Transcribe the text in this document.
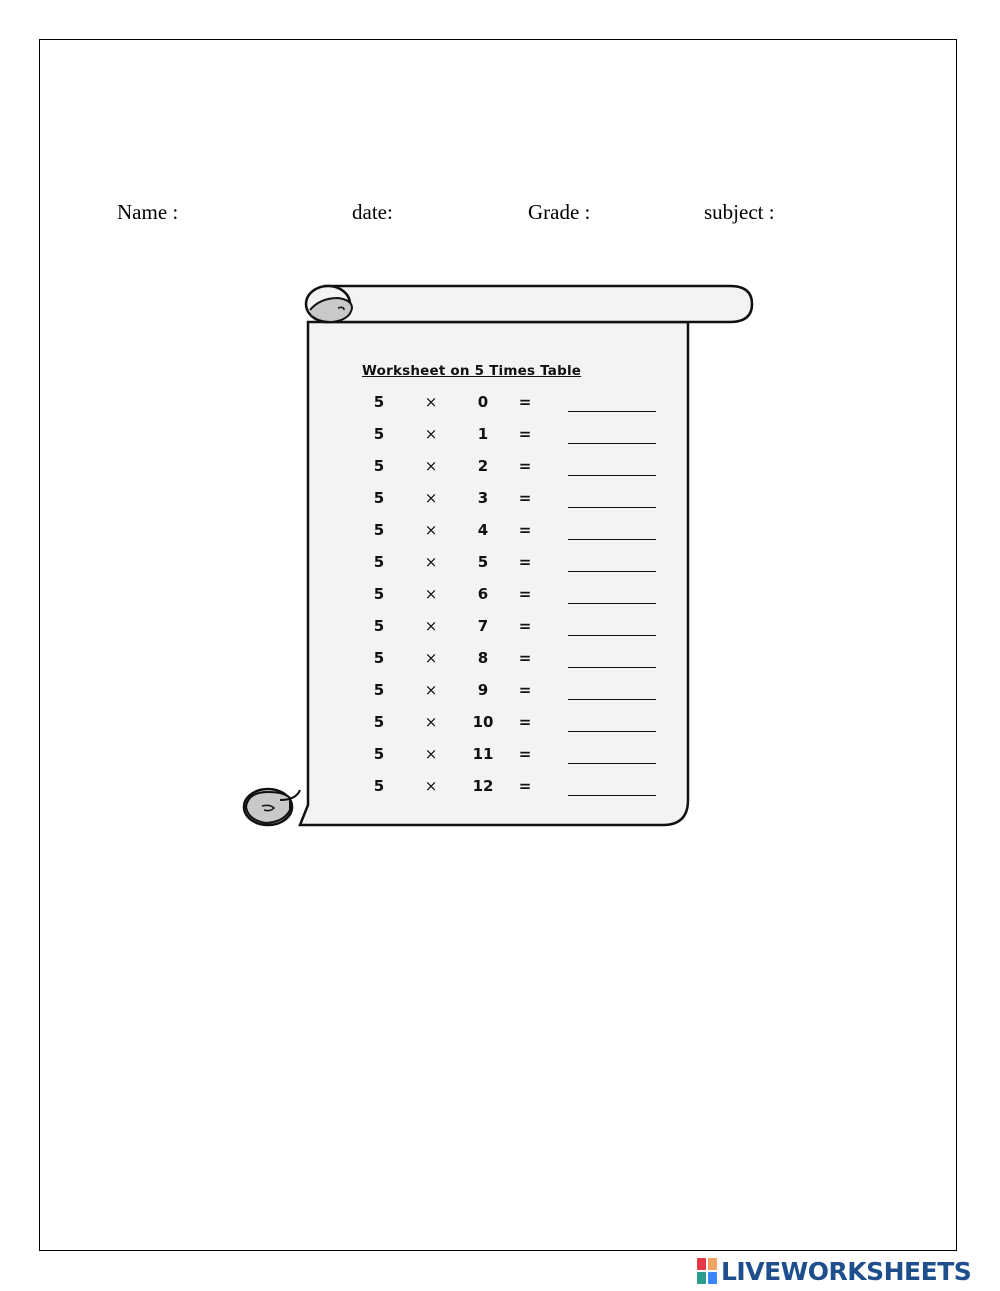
Name :	date:	Grade :	subject :
Worksheet on 5 Times Table
5	×	0	=
5	×	1	=
5	×	2	=
5	×	3	=
5	×	4	=
5	×	5	=
5	×	6	=
5	×	7	=
5	×	8	=
5	×	9	=
5	×	10	=
5	×	11	=
5	×	12	=
LIVEWORKSHEETS
